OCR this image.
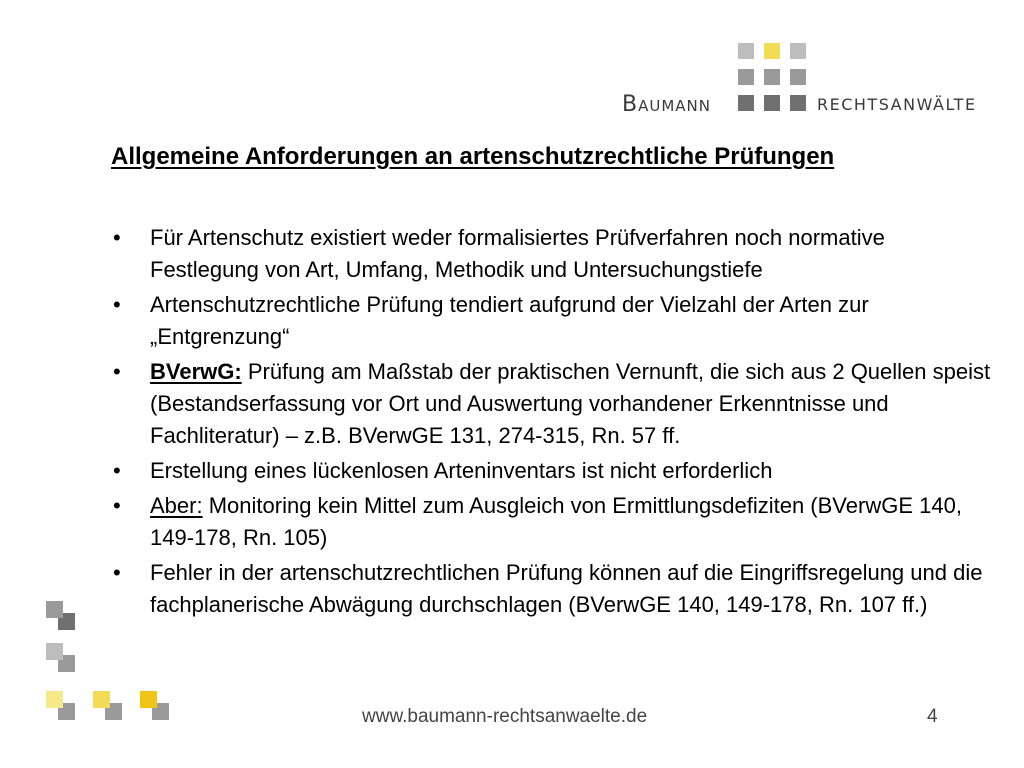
Baumann	RECHTSANWÄLTE
Allgemeine Anforderungen an artenschutzrechtliche Prüfungen
• Für Artenschutz existiert weder formalisiertes Prüfverfahren noch normative Festlegung von Art, Umfang, Methodik und Untersuchungstiefe
• Artenschutzrechtliche Prüfung tendiert aufgrund der Vielzahl der Arten zur „Entgrenzung“
• BVerwG: Prüfung am Maßstab der praktischen Vernunft, die sich aus 2 Quellen speist (Bestandserfassung vor Ort und Auswertung vorhandener Erkenntnisse und Fachliteratur) – z.B. BVerwGE 131, 274-315, Rn. 57 ff.
• Erstellung eines lückenlosen Arteninventars ist nicht erforderlich
• Aber: Monitoring kein Mittel zum Ausgleich von Ermittlungsdefiziten (BVerwGE 140, 149-178, Rn. 105)
• Fehler in der artenschutzrechtlichen Prüfung können auf die Eingriffsregelung und die fachplanerische Abwägung durchschlagen (BVerwGE 140, 149-178, Rn. 107 ff.)
www.baumann-rechtsanwaelte.de	4
